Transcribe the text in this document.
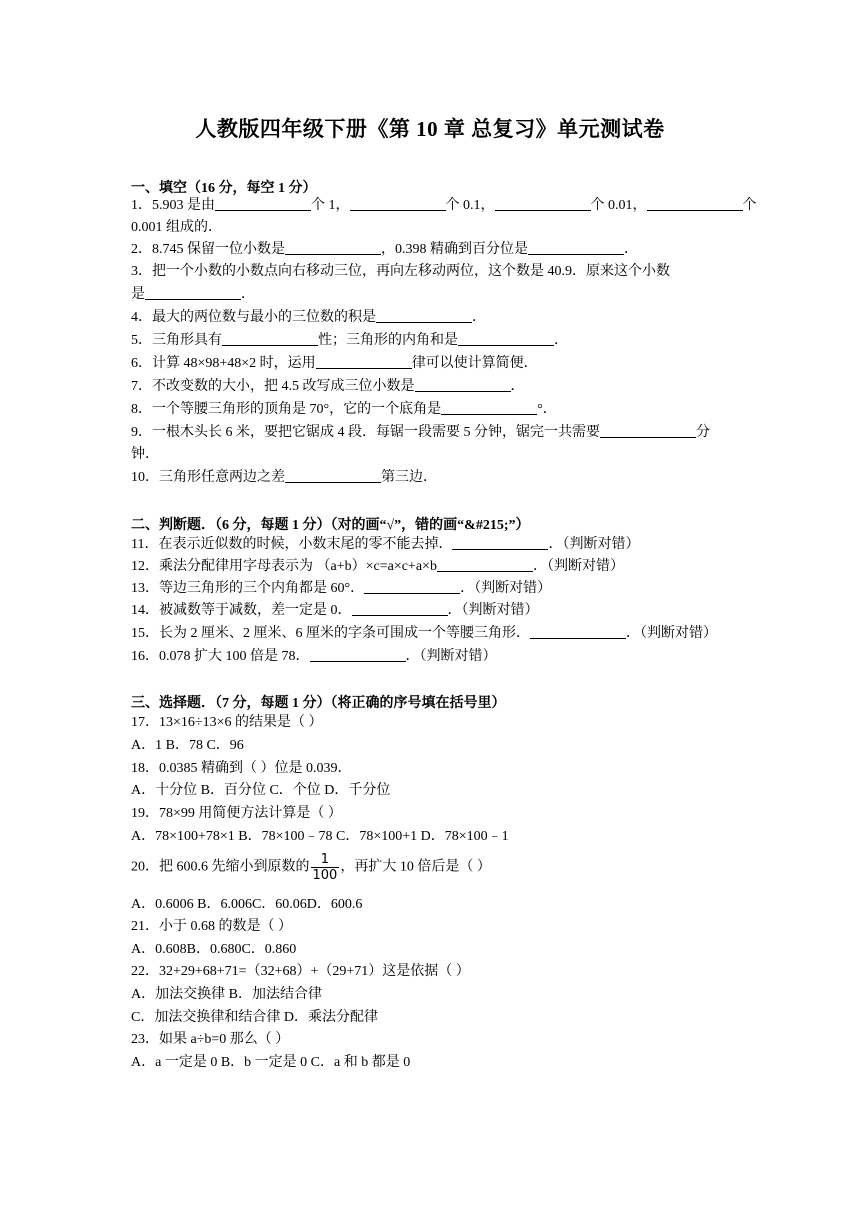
人教版四年级下册《第 10 章 总复习》单元测试卷
一、填空（16 分，每空 1 分）
1．5.903 是由	个 1，	个 0.1，	个 0.01，	个
0.001 组成的．
2．8.745 保留一位小数是	，0.398 精确到百分位是	．
3．把一个小数的小数点向右移动三位，再向左移动两位，这个数是 40.9．原来这个小数
是	．
4．最大的两位数与最小的三位数的积是	．
5．三角形具有	性；三角形的内角和是	．
6．计算 48×98+48×2 时，运用	律可以使计算简便．
7．不改变数的大小，把 4.5 改写成三位小数是	．
8．一个等腰三角形的顶角是 70°，它的一个底角是	°．
9．一根木头长 6 米，要把它锯成 4 段．每锯一段需要 5 分钟，锯完一共需要	分
钟．
10．三角形任意两边之差	第三边．
二、判断题．（6 分，每题 1 分）（对的画“√”，错的画“&#215;”）
11．在表示近似数的时候，小数末尾的零不能去掉．	．（判断对错）
12．乘法分配律用字母表示为 （a+b）×c=a×c+a×b	．（判断对错）
13．等边三角形的三个内角都是 60°．	．（判断对错）
14．被减数等于减数，差一定是 0．	．（判断对错）
15．长为 2 厘米、2 厘米、6 厘米的字条可围成一个等腰三角形．	．（判断对错）
16．0.078 扩大 100 倍是 78．	．（判断对错）
三、选择题．（7 分，每题 1 分）（将正确的序号填在括号里）
17．13×16÷13×6 的结果是（ ）
A．1 B．78 C．96
18．0.0385 精确到（ ）位是 0.039．
A．十分位 B．百分位 C．个位 D．千分位
19．78×99 用简便方法计算是（ ）
A．78×100+78×1 B．78×100﹣78 C．78×100+1 D．78×100﹣1
20．把 600.6 先缩小到原数的 $\frac{1}{100}$ ，再扩大 10 倍后是（ ）
A．0.6006 B．6.006C．60.06D．600.6
21．小于 0.68 的数是（ ）
A．0.608B．0.680C．0.860
22．32+29+68+71=（32+68）+（29+71）这是依据（ ）
A．加法交换律 B．加法结合律
C．加法交换律和结合律 D．乘法分配律
23．如果 a÷b=0 那么（ ）
A．a 一定是 0 B．b 一定是 0 C．a 和 b 都是 0
